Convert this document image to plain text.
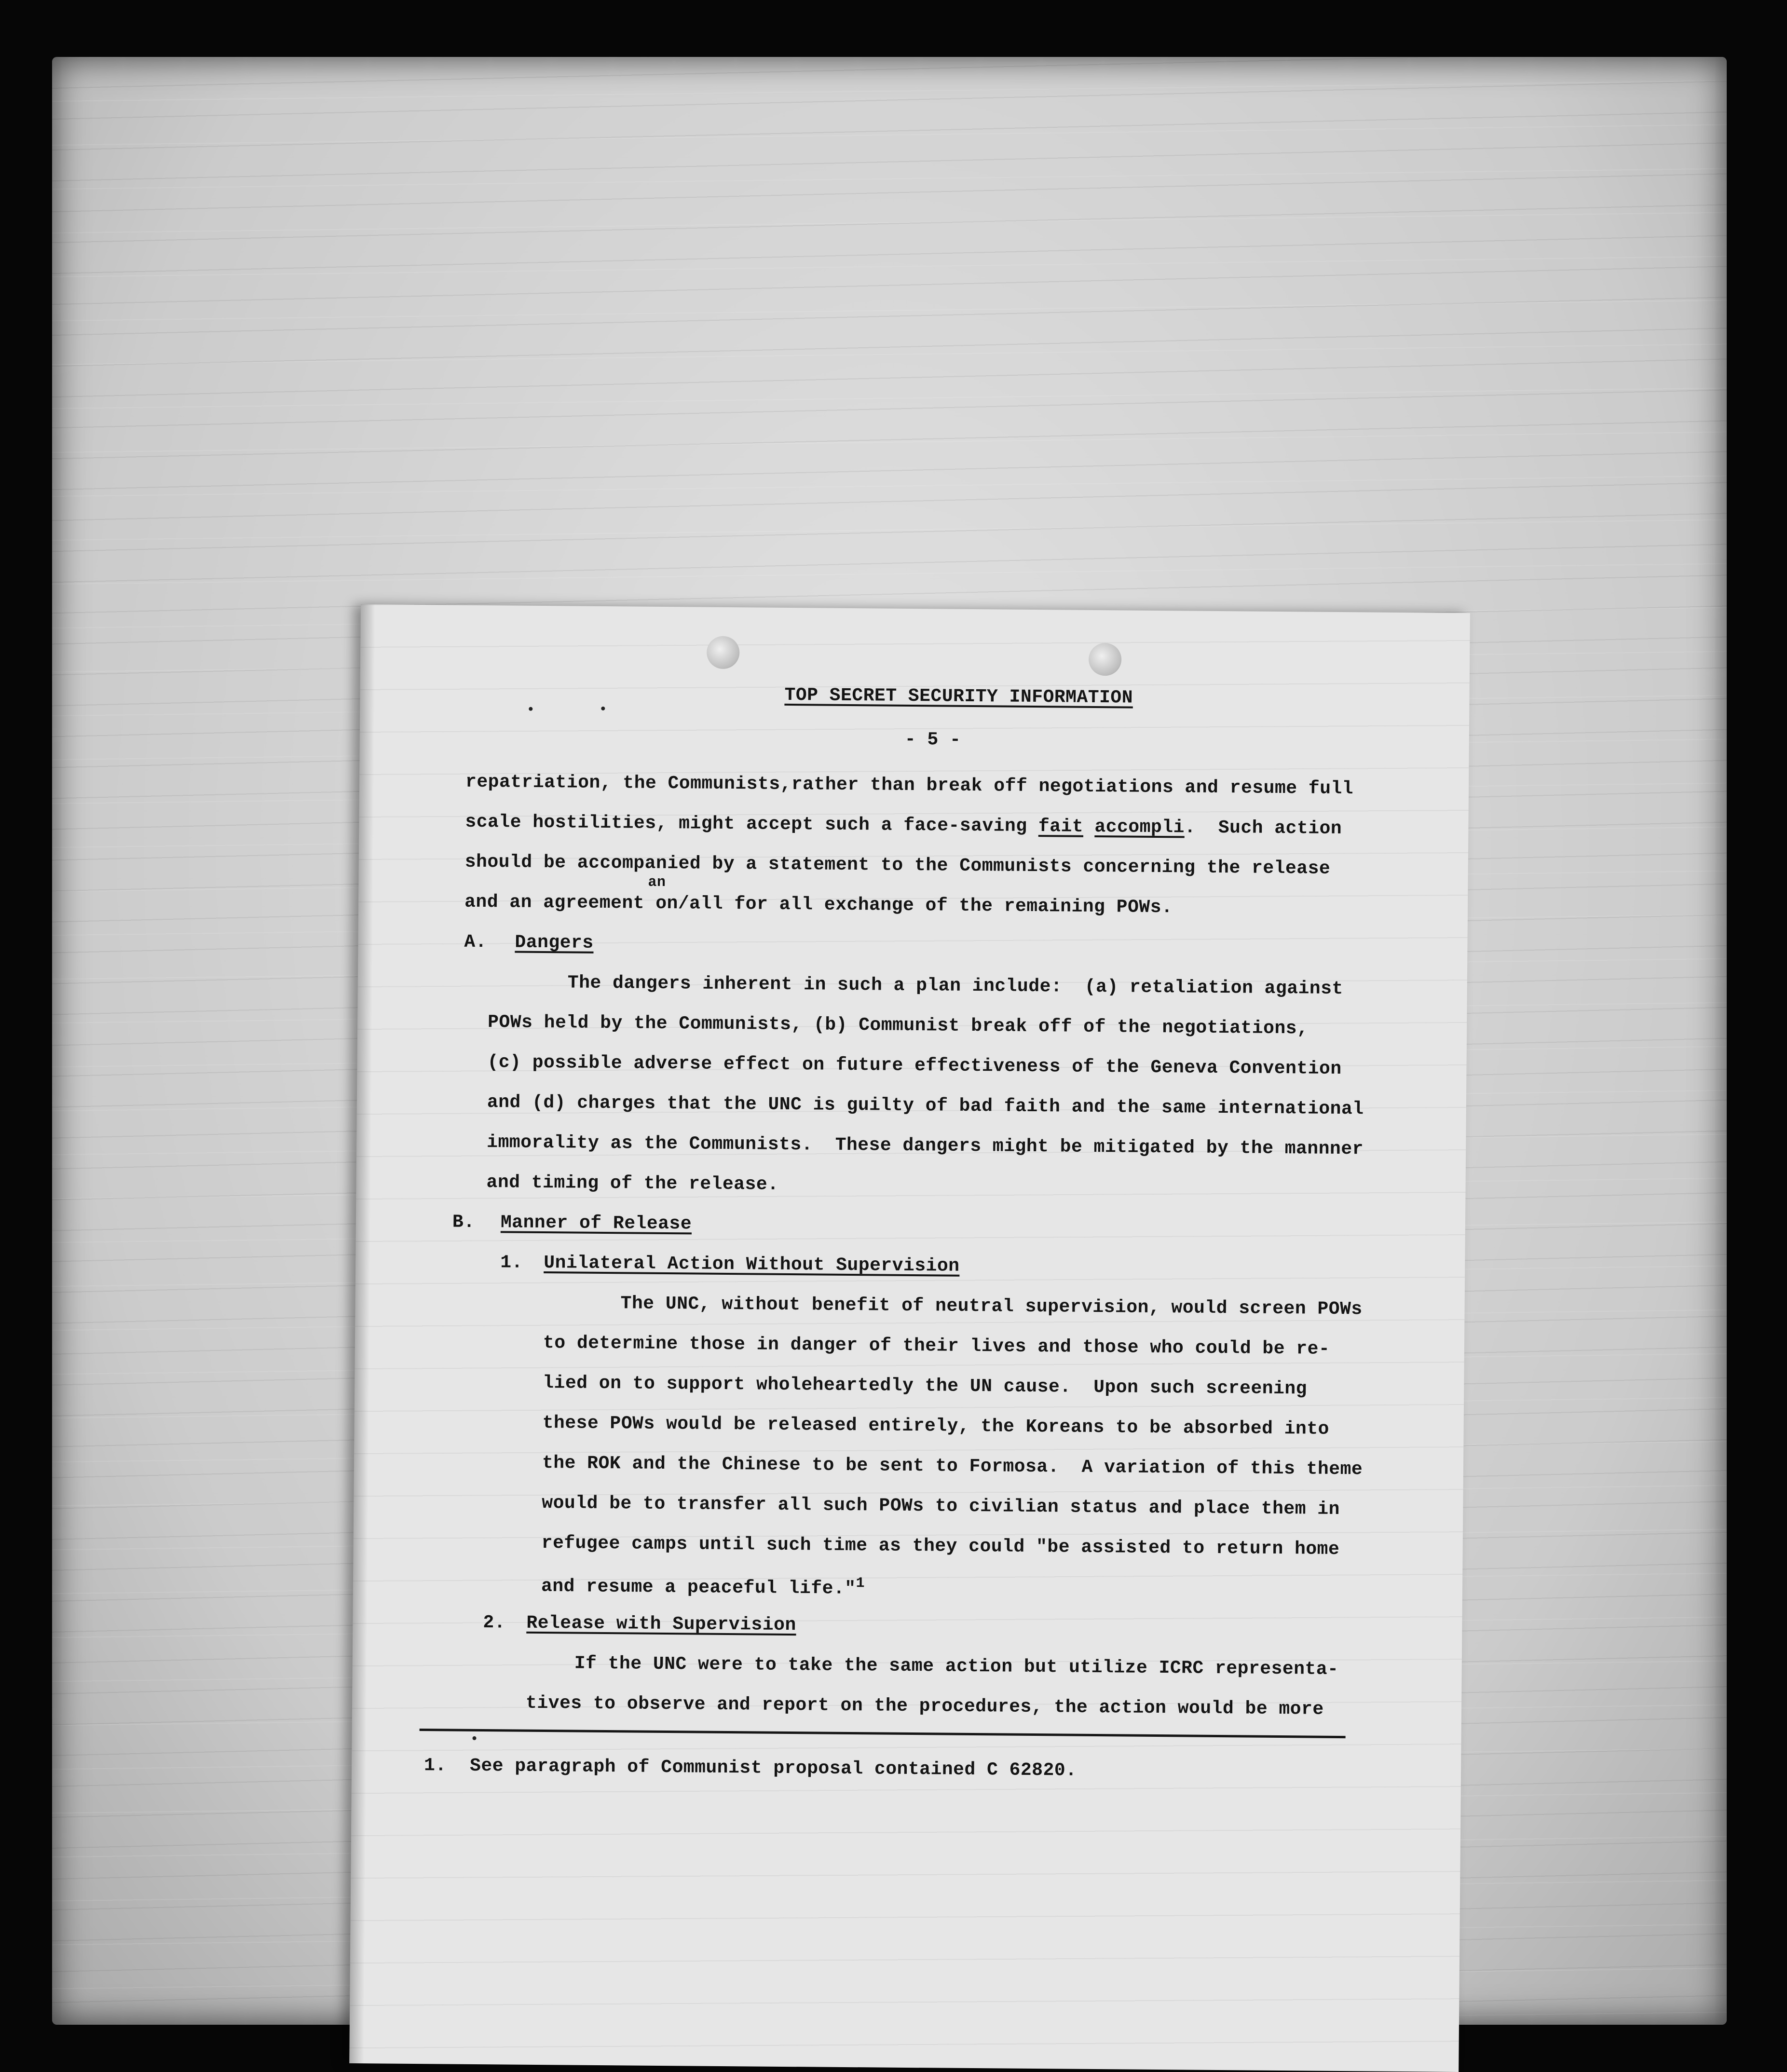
TOP SECRET SECURITY INFORMATION
- 5 -
repatriation, the Communists,rather than break off negotiations and resume full
scale hostilities, might accept such a face-saving fait accompli.  Such action
should be accompanied by a statement to the Communists concerning the release
an
and an agreement on/all for all exchange of the remaining POWs.
A. Dangers
The dangers inherent in such a plan include:  (a) retaliation against
POWs held by the Communists, (b) Communist break off of the negotiations,
(c) possible adverse effect on future effectiveness of the Geneva Convention
and (d) charges that the UNC is guilty of bad faith and the same international
immorality as the Communists.  These dangers might be mitigated by the mannner
and timing of the release.
B. Manner of Release
1. Unilateral Action Without Supervision
The UNC, without benefit of neutral supervision, would screen POWs
to determine those in danger of their lives and those who could be re-
lied on to support wholeheartedly the UN cause.  Upon such screening
these POWs would be released entirely, the Koreans to be absorbed into
the ROK and the Chinese to be sent to Formosa.  A variation of this theme
would be to transfer all such POWs to civilian status and place them in
refugee camps until such time as they could "be assisted to return home
and resume a peaceful life."$^1$
2. Release with Supervision
If the UNC were to take the same action but utilize ICRC representa-
tives to observe and report on the procedures, the action would be more
1. See paragraph of Communist proposal contained C 62820.
